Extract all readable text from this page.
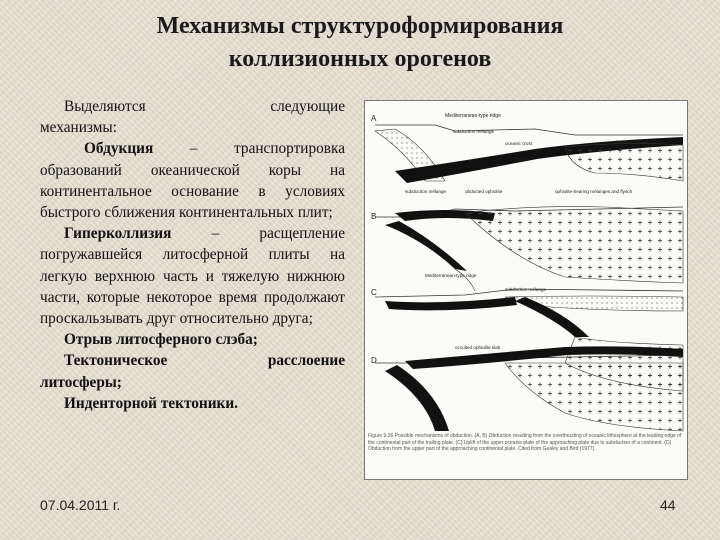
Механизмы структуроформирования
коллизионных орогенов

Выделяются	следующие

механизмы:

Обдукция – транспортировка образований океанической коры на континентальное основание в условиях быстрого сближения континентальных плит;

Гиперколлизия – расщепление погружавшейся литосферной плиты на легкую верхнюю часть и тяжелую нижнюю части, которые некоторое время продолжают проскальзывать друг относительно друга;

Отрыв литосферного слэба;

Тектоническое	расслоение

литосферы;

Индентoрной тектоники.

A	Mediterranean-type ridge
oceanic crust
mantle
continental crust
subduction mélange
B
subduction mélange	obducted ophiolite	ophiolite-bearing mélanges and flysch
C
Mediterranean-type ridge
subduction mélange
occulted ophiolite slab
D
Figure 9.26 Possible mechanisms of obduction. (A, B) Obduction resulting from the overthrusting of oceanic lithosphere at the leading edge of the continental part of the trailing plate. (C) Uplift of the upper oceanic plate of the approaching plate due to subduction of a continent. (D) Obduction from the upper part of the approaching continental plate. Cited from Gealey and Bird (1977).
07.04.2011 г.	44
